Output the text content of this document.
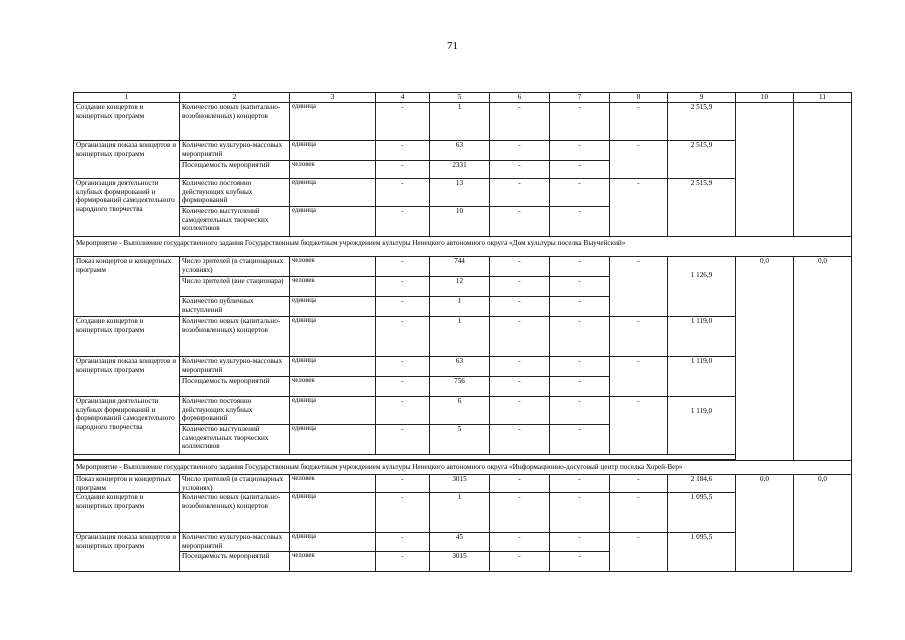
71
1	2	3	4	5	6	7	8	9	10	11
Создание концертов и концертных программ	Количество новых (капитально-возобновленных) концертов	единица	-	1	-	-	-	2 515,9		
Организация показа концертов и концертных программ	Количество культурно-массовых мероприятий	единица	-	63	-	-	-	2 515,9		
	Посещаемость мероприятий	человек	-	2331	-	-				
Организация деятельности клубных формирований и формирований самодеятельного народного творчества	Количество постоянно действующих клубных формирований	единица	-	13	-	-	-	2 515,9		
	Количество выступлений самодеятельных творческих коллективов	единица	-	10	-	-				
Мероприятие - Выполнение государственного задания Государственным бюджетным учреждением культуры Ненецкого автономного округа «Дом культуры поселка Выучейский»										
Показ концертов и концертных программ	Число зрителей (в стационарных условиях)	человек	-	744	-	-	-	1 126,9	0,0	0,0
	Число зрителей (вне стационара)	человек	-	12	-	-				
	Количество публичных выступлений	единица	-	1	-	-				
Создание концертов и концертных программ	Количество новых (капитально-возобновленных) концертов	единица	-	1	-	-	-	1 119,0		
Организация показа концертов и концертных программ	Количество культурно-массовых мероприятий	единица	-	63	-	-	-	1 119,0		
	Посещаемость мероприятий	человек	-	756	-	-				
Организация деятельности клубных формирований и формирований самодеятельного народного творчества	Количество постоянно действующих клубных формирований	единица	-	6	-	-	-	1 119,0		
	Количество выступлений самодеятельных творческих коллективов	единица	-	5	-	-				

Мероприятие - Выполнение государственного задания Государственным бюджетным учреждением культуры Ненецкого автономного округа «Информационно-досуговый центр поселка Хорей-Вер»										
Показ концертов и концертных программ	Число зрителей (в стационарных условиях)	человек	-	3015	-	-	-	2 184,6	0,0	0,0
Создание концертов и концертных программ	Количество новых (капитально-возобновленных) концертов	единица	-	1	-	-	-	1 095,5		
Организация показа концертов и концертных программ	Количество культурно-массовых мероприятий	единица	-	45	-	-	-	1 095,5		
	Посещаемость мероприятий	человек	-	3015	-	-				
